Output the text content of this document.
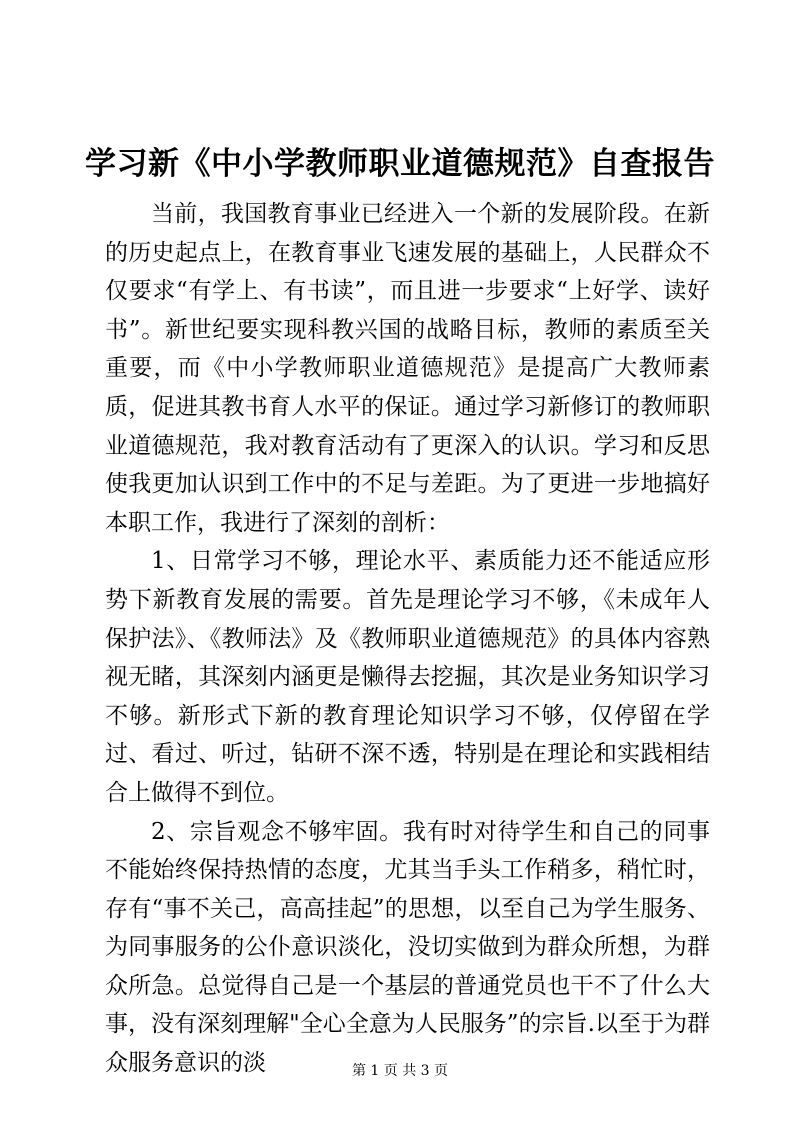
学习新《中小学教师职业道德规范》自查报告

当前，我国教育事业已经进入一个新的发展阶段。在新的历史起点上，在教育事业飞速发展的基础上，人民群众不仅要求“有学上、有书读”，而且进一步要求“上好学、读好书”。新世纪要实现科教兴国的战略目标，教师的素质至关重要，而《中小学教师职业道德规范》是提高广大教师素质，促进其教书育人水平的保证。通过学习新修订的教师职业道德规范，我对教育活动有了更深入的认识。学习和反思使我更加认识到工作中的不足与差距。为了更进一步地搞好本职工作，我进行了深刻的剖析：

1、日常学习不够，理论水平、素质能力还不能适应形势下新教育发展的需要。首先是理论学习不够，《未成年人保护法》、《教师法》及《教师职业道德规范》的具体内容熟视无睹，其深刻内涵更是懒得去挖掘，其次是业务知识学习不够。新形式下新的教育理论知识学习不够，仅停留在学过、看过、听过，钻研不深不透，特别是在理论和实践相结合上做得不到位。

2、宗旨观念不够牢固。我有时对待学生和自己的同事不能始终保持热情的态度，尤其当手头工作稍多，稍忙时，存有“事不关己，高高挂起”的思想，以至自己为学生服务、为同事服务的公仆意识淡化，没切实做到为群众所想，为群众所急。总觉得自己是一个基层的普通党员也干不了什么大事，没有深刻理解"全心全意为人民服务”的宗旨.以至于为群众服务意识的淡	第 1 页 共 3 页
